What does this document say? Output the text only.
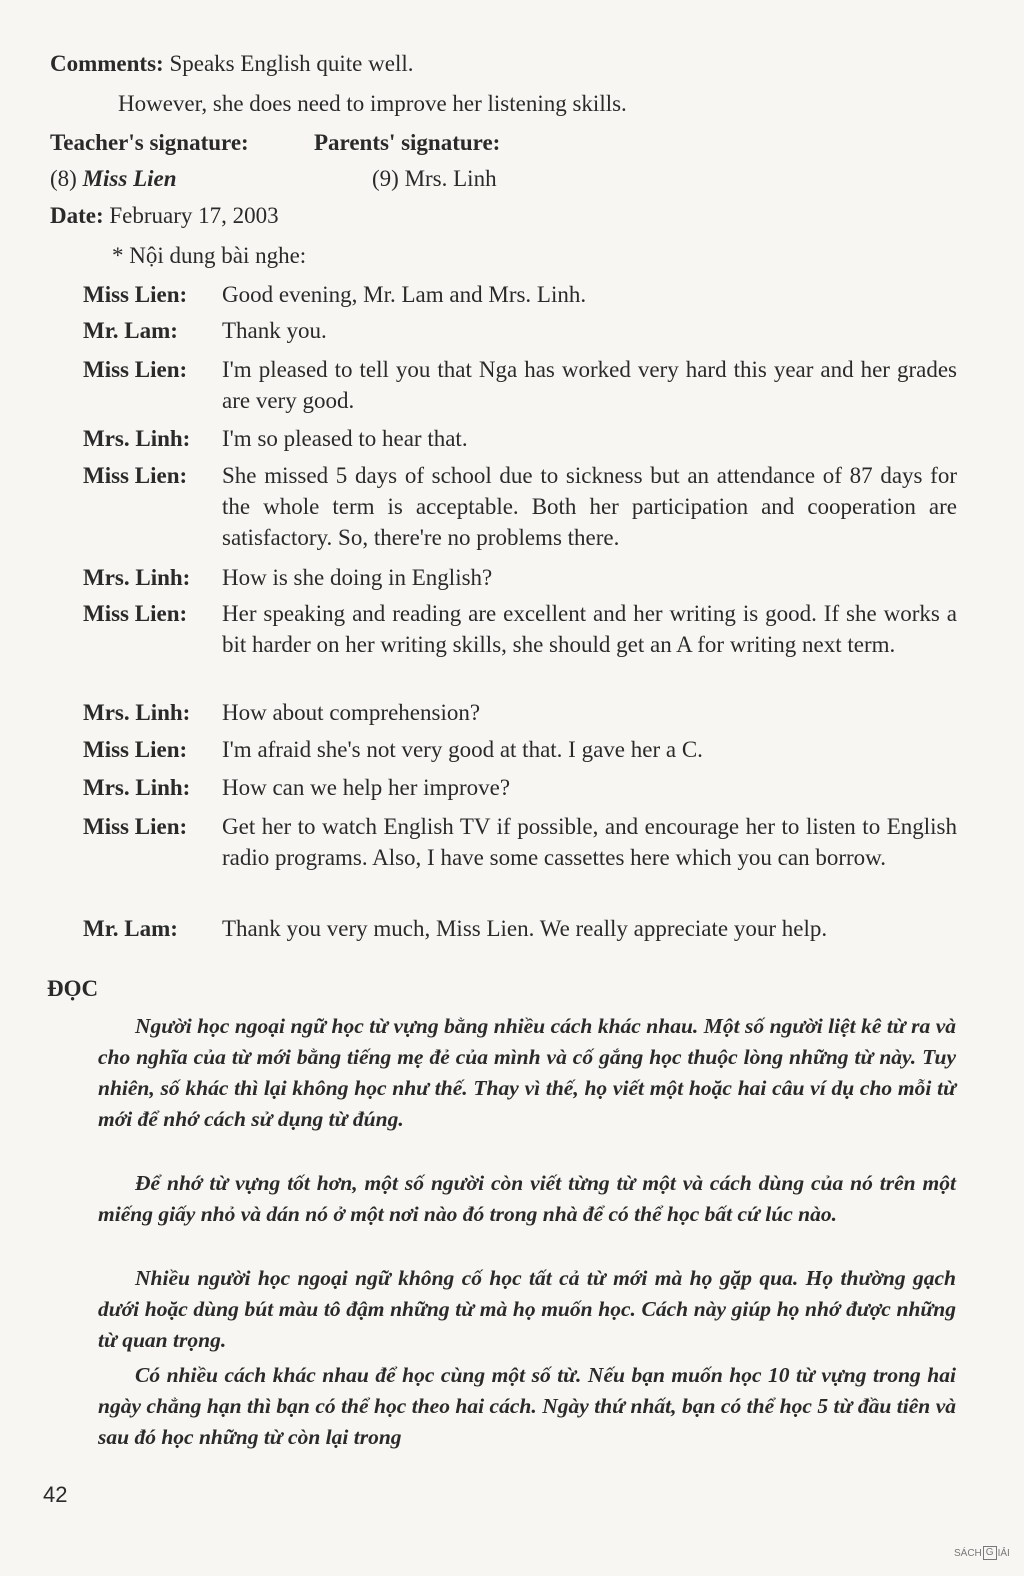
Comments: Speaks English quite well.
However, she does need to improve her listening skills.
Teacher's signature:	Parents' signature:
(8) Miss Lien	(9) Mrs. Linh
Date: February 17, 2003
* Nội dung bài nghe:
Miss Lien: Good evening, Mr. Lam and Mrs. Linh.
Mr. Lam: Thank you.
Miss Lien: I'm pleased to tell you that Nga has worked very hard this year and her grades are very good.
Mrs. Linh: I'm so pleased to hear that.
Miss Lien: She missed 5 days of school due to sickness but an attendance of 87 days for the whole term is acceptable. Both her participation and cooperation are satisfactory. So, there're no problems there.
Mrs. Linh: How is she doing in English?
Miss Lien: Her speaking and reading are excellent and her writing is good. If she works a bit harder on her writing skills, she should get an A for writing next term.
Mrs. Linh: How about comprehension?
Miss Lien: I'm afraid she's not very good at that. I gave her a C.
Mrs. Linh: How can we help her improve?
Miss Lien: Get her to watch English TV if possible, and encourage her to listen to English radio programs. Also, I have some cassettes here which you can borrow.
Mr. Lam: Thank you very much, Miss Lien. We really appreciate your help.
ĐỌC
Người học ngoại ngữ học từ vựng bằng nhiều cách khác nhau. Một số người liệt kê từ ra và cho nghĩa của từ mới bằng tiếng mẹ đẻ của mình và cố gắng học thuộc lòng những từ này. Tuy nhiên, số khác thì lại không học như thế. Thay vì thế, họ viết một hoặc hai câu ví dụ cho mỗi từ mới để nhớ cách sử dụng từ đúng.
Để nhớ từ vựng tốt hơn, một số người còn viết từng từ một và cách dùng của nó trên một miếng giấy nhỏ và dán nó ở một nơi nào đó trong nhà để có thể học bất cứ lúc nào.
Nhiều người học ngoại ngữ không cố học tất cả từ mới mà họ gặp qua. Họ thường gạch dưới hoặc dùng bút màu tô đậm những từ mà họ muốn học. Cách này giúp họ nhớ được những từ quan trọng.
Có nhiều cách khác nhau để học cùng một số từ. Nếu bạn muốn học 10 từ vựng trong hai ngày chẳng hạn thì bạn có thể học theo hai cách. Ngày thứ nhất, bạn có thể học 5 từ đầu tiên và sau đó học những từ còn lại trong
42
SÁCH G IẢI
